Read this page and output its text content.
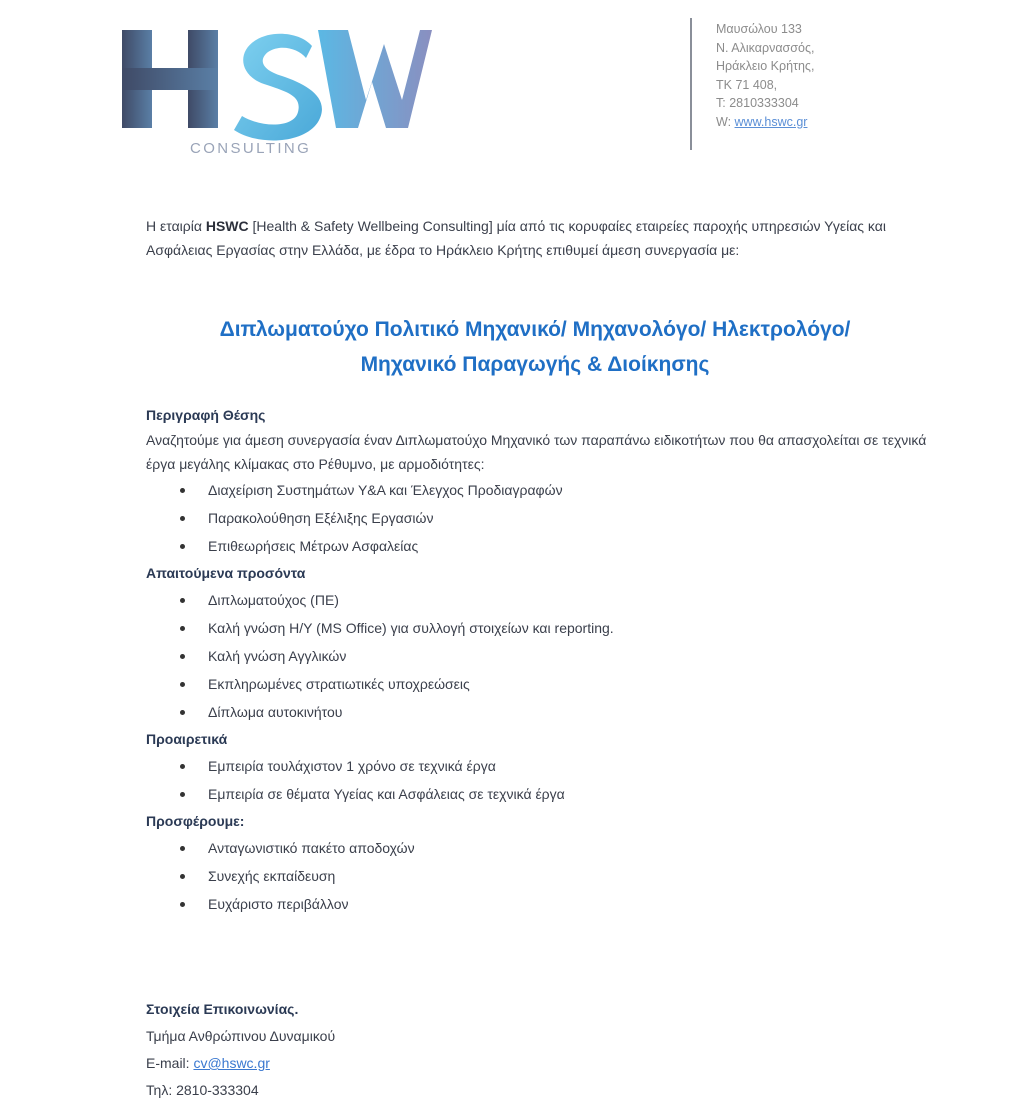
CONSULTING
Μαυσώλου 133
Ν. Αλικαρνασσός,
Ηράκλειο Κρήτης,
ΤΚ 71 408,
Τ: 2810333304
W: www.hswc.gr
Η εταιρία HSWC [Health & Safety Wellbeing Consulting] μία από τις κορυφαίες εταιρείες παροχής υπηρεσιών Υγείας και Ασφάλειας Εργασίας στην Ελλάδα, με έδρα το Ηράκλειο Κρήτης επιθυμεί άμεση συνεργασία με:
Διπλωματούχο Πολιτικό Μηχανικό/ Μηχανολόγο/ Ηλεκτρολόγο/
Μηχανικό Παραγωγής & Διοίκησης
Περιγραφή Θέσης
Αναζητούμε για άμεση συνεργασία έναν Διπλωματούχο Μηχανικό των παραπάνω ειδικοτήτων που θα απασχολείται σε τεχνικά έργα μεγάλης κλίμακας στο Ρέθυμνο, με αρμοδιότητες:
Διαχείριση Συστημάτων Υ&Α και Έλεγχος Προδιαγραφών
Παρακολούθηση Εξέλιξης Εργασιών
Επιθεωρήσεις Μέτρων Ασφαλείας
Απαιτούμενα προσόντα
Διπλωματούχος (ΠΕ)
Καλή γνώση Η/Υ (MS Office) για συλλογή στοιχείων και reporting.
Καλή γνώση Αγγλικών
Εκπληρωμένες στρατιωτικές υποχρεώσεις
Δίπλωμα αυτοκινήτου
Προαιρετικά
Εμπειρία τουλάχιστον 1 χρόνο σε τεχνικά έργα
Εμπειρία σε θέματα Υγείας και Ασφάλειας σε τεχνικά έργα
Προσφέρουμε:
Ανταγωνιστικό πακέτο αποδοχών
Συνεχής εκπαίδευση
Ευχάριστο περιβάλλον
Στοιχεία Επικοινωνίας.
Τμήμα Ανθρώπινου Δυναμικού
E-mail: cv@hswc.gr
Τηλ: 2810-333304
